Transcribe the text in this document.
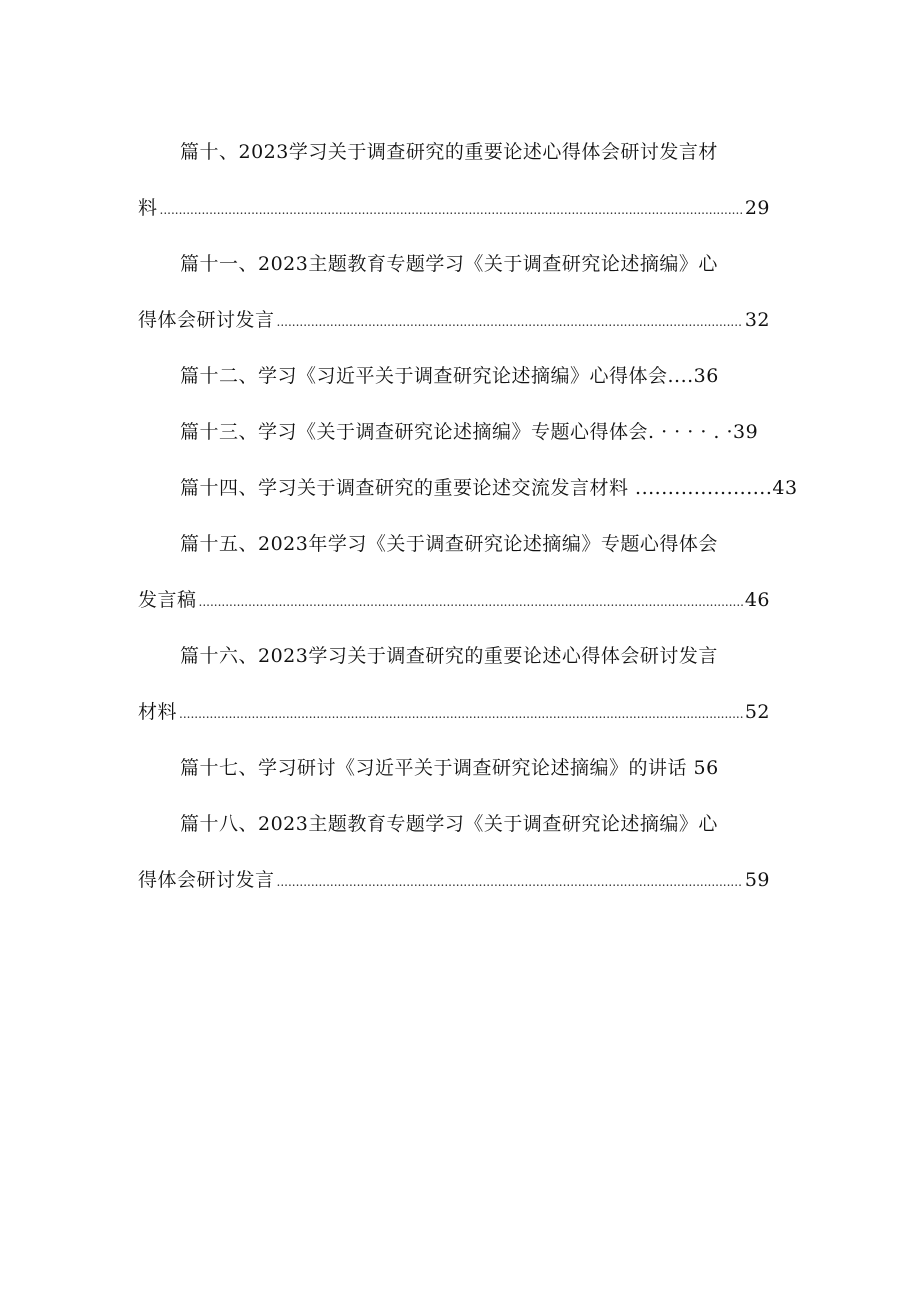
篇十、2023学习关于调查研究的重要论述心得体会研讨发言材
料 .....	29
篇十一、2023主题教育专题学习《关于调查研究论述摘编》心
得体会研讨发言 .....	32
篇十二、学习《习近平关于调查研究论述摘编》心得体会....36
篇十三、学习《关于调查研究论述摘编》专题心得体会. · · · · . ·39
篇十四、学习关于调查研究的重要论述交流发言材料 .....................43
篇十五、2023年学习《关于调查研究论述摘编》专题心得体会
发言稿 .....	46
篇十六、2023学习关于调查研究的重要论述心得体会研讨发言
材料 .....	52
篇十七、学习研讨《习近平关于调查研究论述摘编》的讲话 56
篇十八、2023主题教育专题学习《关于调查研究论述摘编》心
得体会研讨发言 .....	59
